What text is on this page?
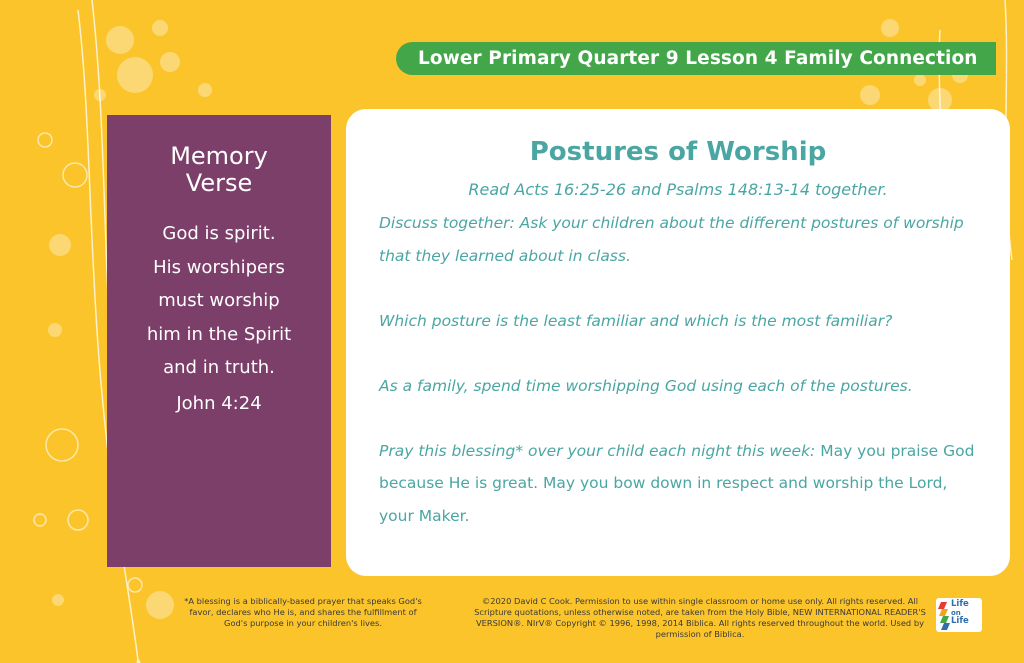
Lower Primary Quarter 9 Lesson 4 Family Connection
Memory
Verse
God is spirit.
His worshipers
must worship
him in the Spirit
and in truth.
John 4:24
Postures of Worship
Read Acts 16:25-26 and Psalms 148:13-14 together.

Discuss together: Ask your children about the different postures of worship that they learned about in class.

Which posture is the least familiar and which is the most familiar?

As a family, spend time worshipping God using each of the postures.

Pray this blessing* over your child each night this week: May you praise God because He is great. May you bow down in respect and worship the Lord, your Maker.

*A blessing is a biblically-based prayer that speaks God's favor, declares who He is, and shares the fulfillment of God's purpose in your children's lives.
©2020 David C Cook. Permission to use within single classroom or home use only. All rights reserved. All Scripture quotations, unless otherwise noted, are taken from the Holy Bible, NEW INTERNATIONAL READER'S VERSION®. NIrV® Copyright © 1996, 1998, 2014 Biblica. All rights reserved throughout the world. Used by permission of Biblica.
Life
on
Life
